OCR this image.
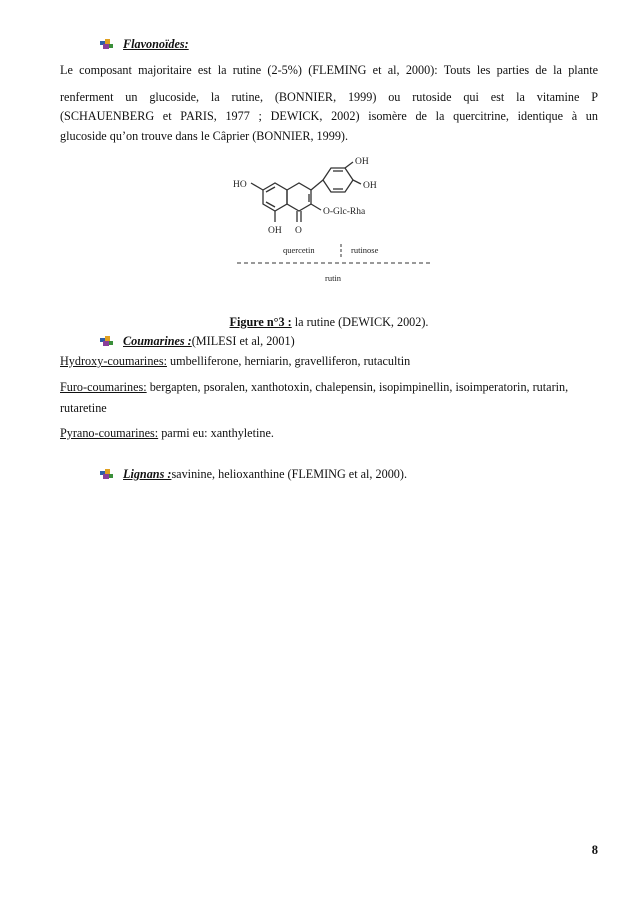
Flavonoïdes:
Le composant majoritaire est la rutine (2-5%) (FLEMING et al, 2000): Touts les parties de la plante
renferment un glucoside, la rutine, (BONNIER, 1999) ou rutoside qui est la vitamine P
(SCHAUENBERG et PARIS, 1977 ; DEWICK, 2002) isomère de la quercitrine, identique à un
glucoside qu’on trouve dans le Câprier (BONNIER, 1999).
HO
OH
OH
O-Glc-Rha
OH O
quercetin	rutinose
rutin
Figure n°3 : la rutine (DEWICK, 2002).
Coumarines : (MILESI et al, 2001)
Hydroxy-coumarines: umbelliferone, herniarin, gravelliferon, rutacultin
Furo-coumarines: bergapten, psoralen, xanthotoxin, chalepensin, isopimpinellin, isoimperatorin, rutarin,
rutaretine
Pyrano-coumarines: parmi eu: xanthyletine.
Lignans : savinine, helioxanthine (FLEMING et al, 2000).
8
